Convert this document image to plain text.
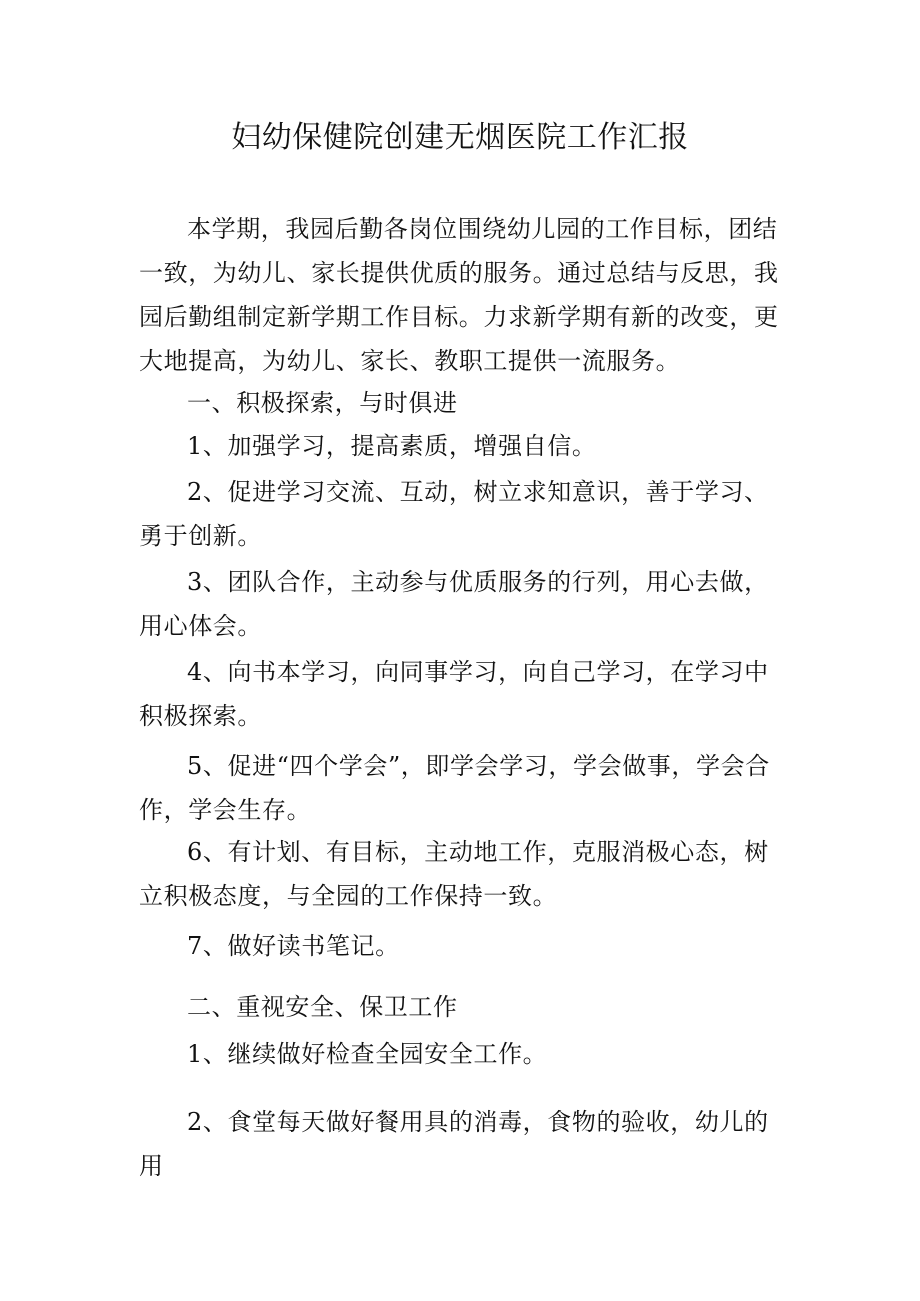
妇幼保健院创建无烟医院工作汇报

本学期，我园后勤各岗位围绕幼儿园的工作目标，团结一致，为幼儿、家长提供优质的服务。通过总结与反思，我园后勤组制定新学期工作目标。力求新学期有新的改变，更大地提高，为幼儿、家长、教职工提供一流服务。

一、积极探索，与时俱进

1、加强学习，提高素质，增强自信。

2、促进学习交流、互动，树立求知意识，善于学习、勇于创新。

3、团队合作，主动参与优质服务的行列，用心去做，用心体会。

4、向书本学习，向同事学习，向自己学习，在学习中积极探索。

5、促进“四个学会”，即学会学习，学会做事，学会合作，学会生存。

6、有计划、有目标，主动地工作，克服消极心态，树立积极态度，与全园的工作保持一致。

7、做好读书笔记。

二、重视安全、保卫工作

1、继续做好检查全园安全工作。

2、食堂每天做好餐用具的消毒，食物的验收，幼儿的用
